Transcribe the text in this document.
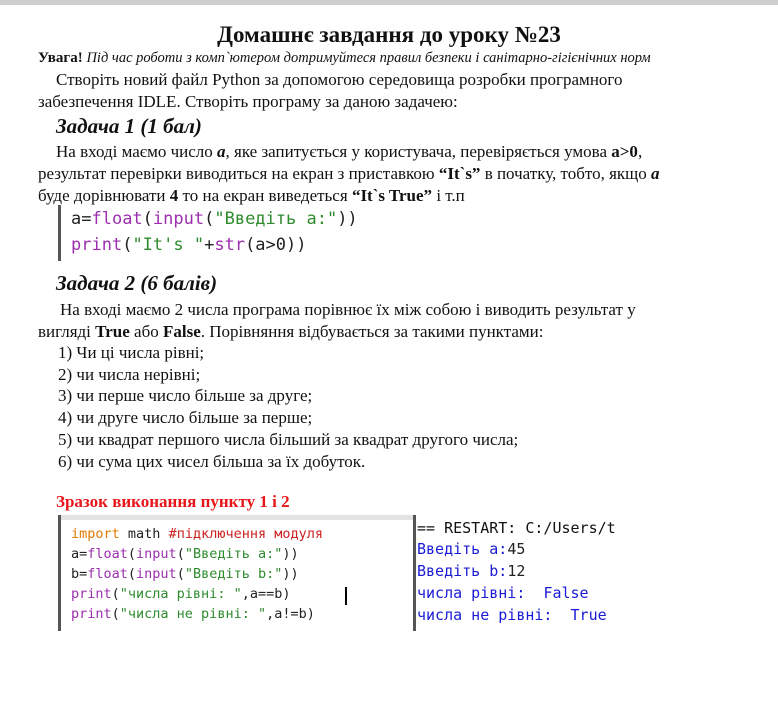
Домашнє завдання до уроку №23
Увага! Під час роботи з комп`ютером дотримуйтеся правил безпеки і санітарно-гігієнічних норм
Створіть новий файл Python за допомогою середовища розробки програмного
забезпечення IDLE. Створіть програму за даною задачею:
Задача 1 (1 бал)
На вході маємо число a, яке запитується у користувача, перевіряється умова a>0,
результат перевірки виводиться на екран з приставкою “It`s” в початку, тобто, якщо a
буде дорівнювати 4 то на екран виведеться “It`s True” і т.п
a=float(input("Введіть a:"))
print("It's "+str(a>0))
Задача 2 (6 балів)
На вході маємо 2 числа програма порівнює їх між собою і виводить результат у
вигляді True або False. Порівняння відбувається за такими пунктами:
1) Чи ці числа рівні;
2) чи числа нерівні;
3) чи перше число більше за друге;
4) чи друге число більше за перше;
5) чи квадрат першого числа більший за квадрат другого числа;
6) чи сума цих чисел більша за їх добуток.
Зразок виконання пункту 1 і 2
import math #підключення модуля
a=float(input("Введіть a:"))
b=float(input("Введіть b:"))
print("числа рівні: ",a==b)
print("числа не рівні: ",a!=b)
== RESTART: C:/Users/t
Введіть a:45
Введіть b:12
числа рівні:  False
числа не рівні:  True
